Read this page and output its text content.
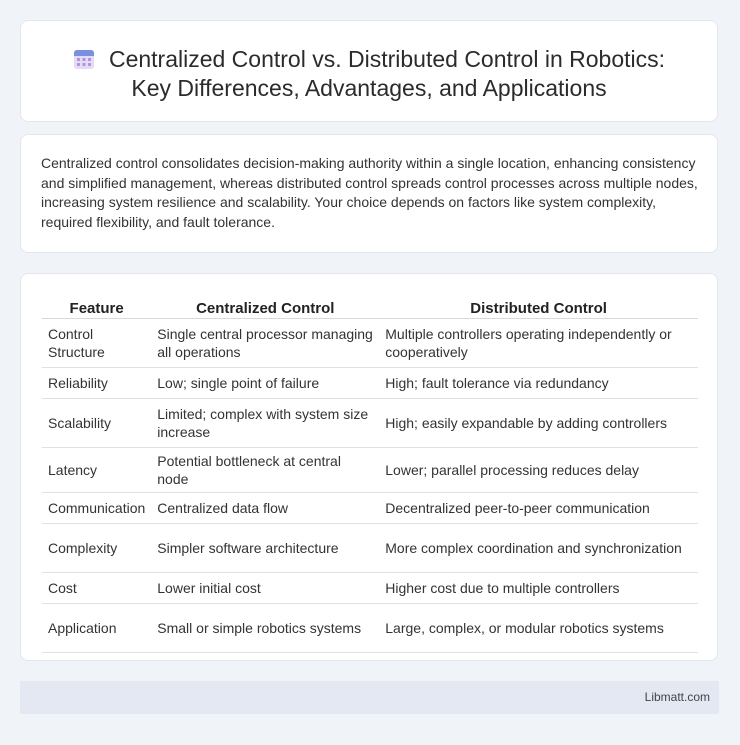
Centralized Control vs. Distributed Control in Robotics:
Key Differences, Advantages, and Applications
Centralized control consolidates decision-making authority within a single location, enhancing consistency and simplified management, whereas distributed control spreads control processes across multiple nodes, increasing system resilience and scalability. Your choice depends on factors like system complexity, required flexibility, and fault tolerance.
Feature	Centralized Control	Distributed Control
Control Structure	Single central processor managing all operations	Multiple controllers operating independently or cooperatively
Reliability	Low; single point of failure	High; fault tolerance via redundancy
Scalability	Limited; complex with system size increase	High; easily expandable by adding controllers
Latency	Potential bottleneck at central node	Lower; parallel processing reduces delay
Communication	Centralized data flow	Decentralized peer-to-peer communication
Complexity	Simpler software architecture	More complex coordination and synchronization
Cost	Lower initial cost	Higher cost due to multiple controllers
Application	Small or simple robotics systems	Large, complex, or modular robotics systems
Libmatt.com
